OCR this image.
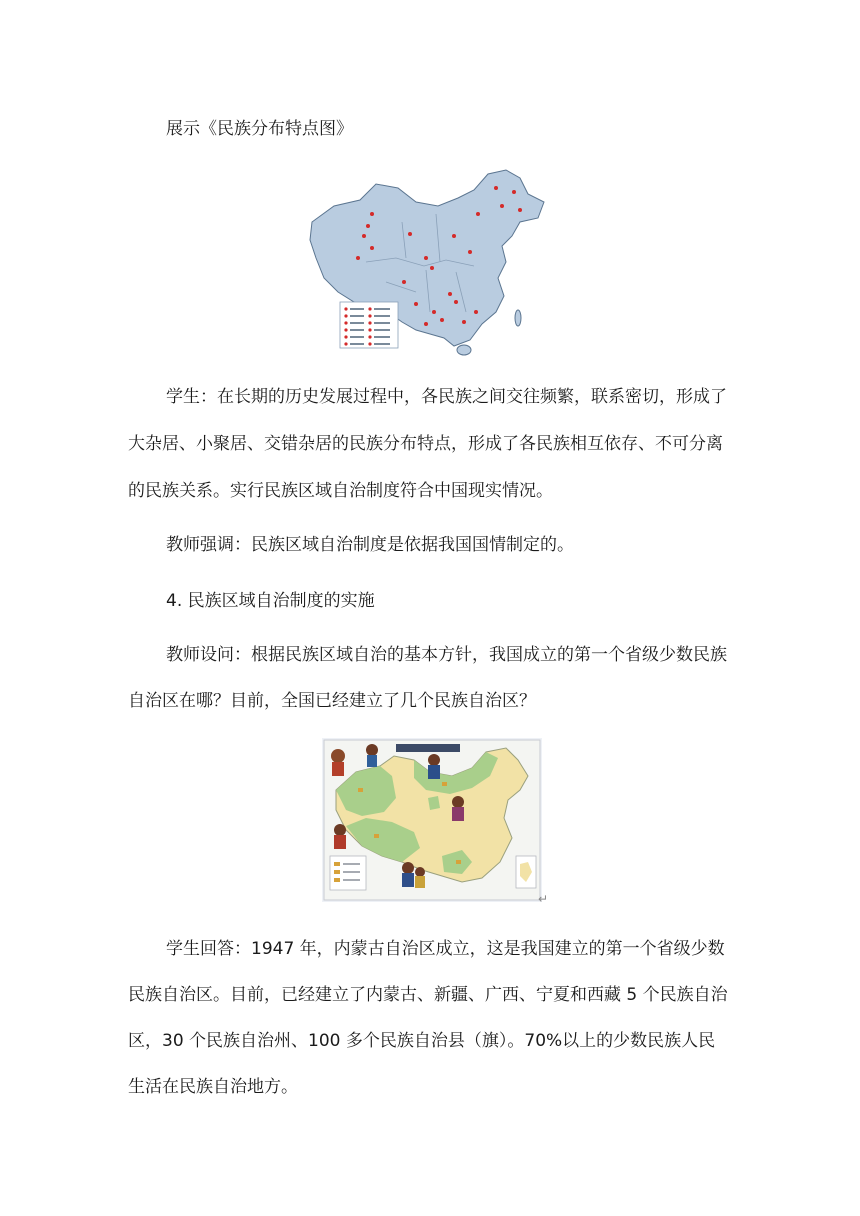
展示《民族分布特点图》
学生：在长期的历史发展过程中，各民族之间交往频繁，联系密切，形成了
大杂居、小聚居、交错杂居的民族分布特点，形成了各民族相互依存、不可分离
的民族关系。实行民族区域自治制度符合中国现实情况。
教师强调：民族区域自治制度是依据我国国情制定的。
4. 民族区域自治制度的实施
教师设问：根据民族区域自治的基本方针，我国成立的第一个省级少数民族
自治区在哪？目前，全国已经建立了几个民族自治区？
↵
学生回答：1947 年，内蒙古自治区成立，这是我国建立的第一个省级少数
民族自治区。目前，已经建立了内蒙古、新疆、广西、宁夏和西藏 5 个民族自治
区，30 个民族自治州、100 多个民族自治县（旗）。70%以上的少数民族人民
生活在民族自治地方。
